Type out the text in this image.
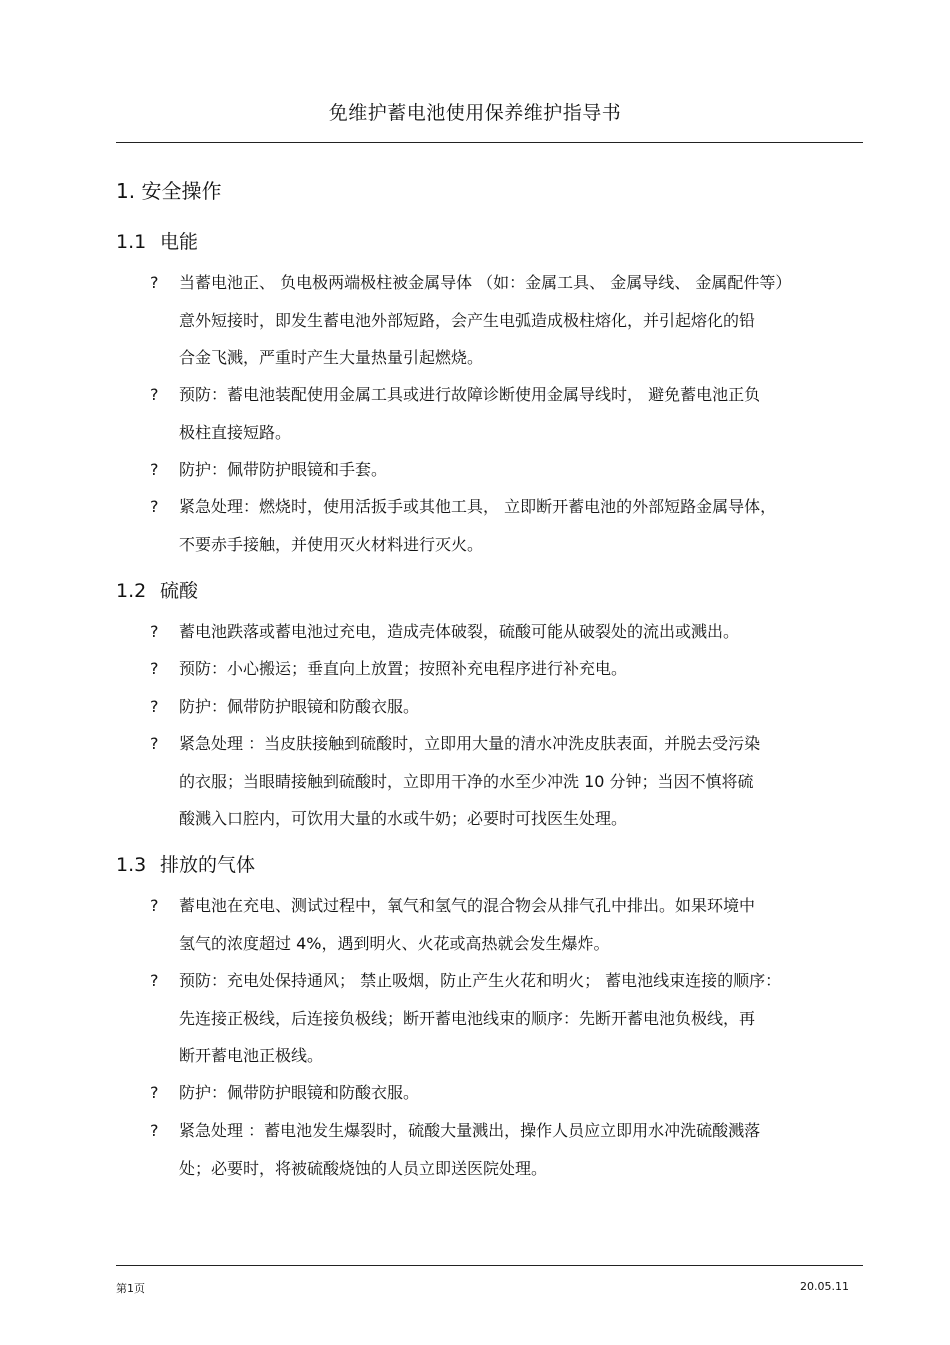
免维护蓄电池使用保养维护指导书
1. 安全操作
1.1 电能
?	当蓄电池正、 负电极两端极柱被金属导体 （如：金属工具、 金属导线、 金属配件等）
意外短接时，即发生蓄电池外部短路，会产生电弧造成极柱熔化，并引起熔化的铅
合金飞溅，严重时产生大量热量引起燃烧。
?	预防：蓄电池装配使用金属工具或进行故障诊断使用金属导线时， 避免蓄电池正负
极柱直接短路。
?	防护：佩带防护眼镜和手套。
?	紧急处理：燃烧时，使用活扳手或其他工具， 立即断开蓄电池的外部短路金属导体，
不要赤手接触，并使用灭火材料进行灭火。
1.2 硫酸
?	蓄电池跌落或蓄电池过充电，造成壳体破裂，硫酸可能从破裂处的流出或溅出。
?	预防：小心搬运；垂直向上放置；按照补充电程序进行补充电。
?	防护：佩带防护眼镜和防酸衣服。
?	紧急处理 ：当皮肤接触到硫酸时，立即用大量的清水冲洗皮肤表面，并脱去受污染
的衣服；当眼睛接触到硫酸时，立即用干净的水至少冲洗 10 分钟；当因不慎将硫
酸溅入口腔内，可饮用大量的水或牛奶；必要时可找医生处理。
1.3 排放的气体
?	蓄电池在充电、测试过程中，氧气和氢气的混合物会从排气孔中排出。如果环境中
氢气的浓度超过 4%，遇到明火、火花或高热就会发生爆炸。
?	预防：充电处保持通风； 禁止吸烟，防止产生火花和明火； 蓄电池线束连接的顺序：
先连接正极线，后连接负极线；断开蓄电池线束的顺序：先断开蓄电池负极线，再
断开蓄电池正极线。
?	防护：佩带防护眼镜和防酸衣服。
?	紧急处理 ：蓄电池发生爆裂时，硫酸大量溅出，操作人员应立即用水冲洗硫酸溅落
处；必要时，将被硫酸烧蚀的人员立即送医院处理。
第1页	20.05.11
